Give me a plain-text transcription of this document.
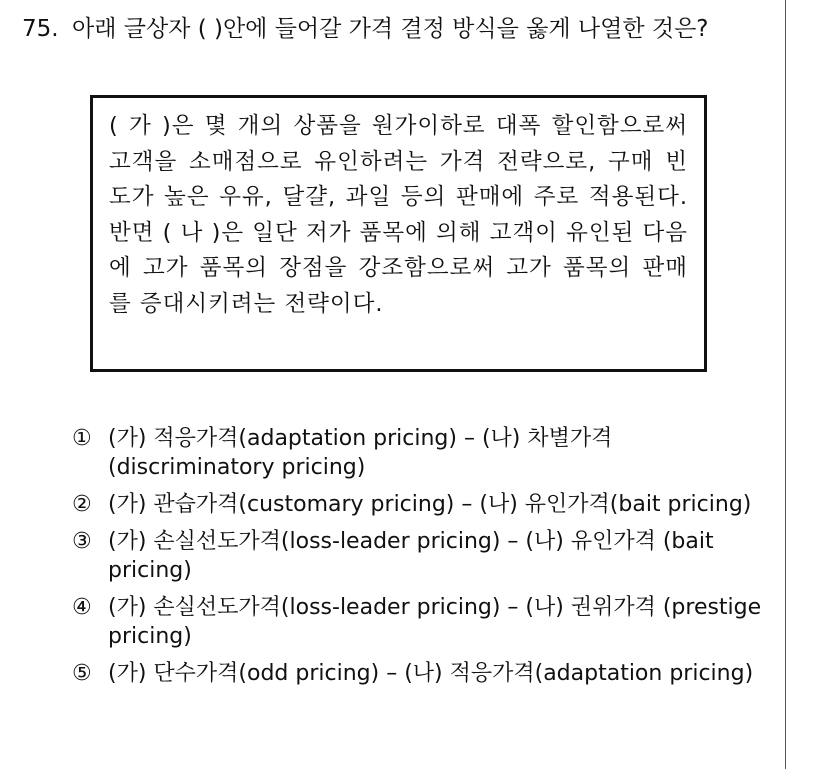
75. 아래 글상자 ( )안에 들어갈 가격 결정 방식을 옳게 나열한 것은?
( 가 )은 몇 개의 상품을 원가이하로 대폭 할인함으로써 고객을 소매점으로 유인하려는 가격 전략으로, 구매 빈도가 높은 우유, 달걀, 과일 등의 판매에 주로 적용된다. 반면 ( 나 )은 일단 저가 품목에 의해 고객이 유인된 다음에 고가 품목의 장점을 강조함으로써 고가 품목의 판매를 증대시키려는 전략이다.
① (가) 적응가격(adaptation pricing) – (나) 차별가격 (discriminatory pricing)
② (가) 관습가격(customary pricing) – (나) 유인가격(bait pricing)
③ (가) 손실선도가격(loss-leader pricing) – (나) 유인가격 (bait pricing)
④ (가) 손실선도가격(loss-leader pricing) – (나) 권위가격 (prestige pricing)
⑤ (가) 단수가격(odd pricing) – (나) 적응가격(adaptation pricing)
